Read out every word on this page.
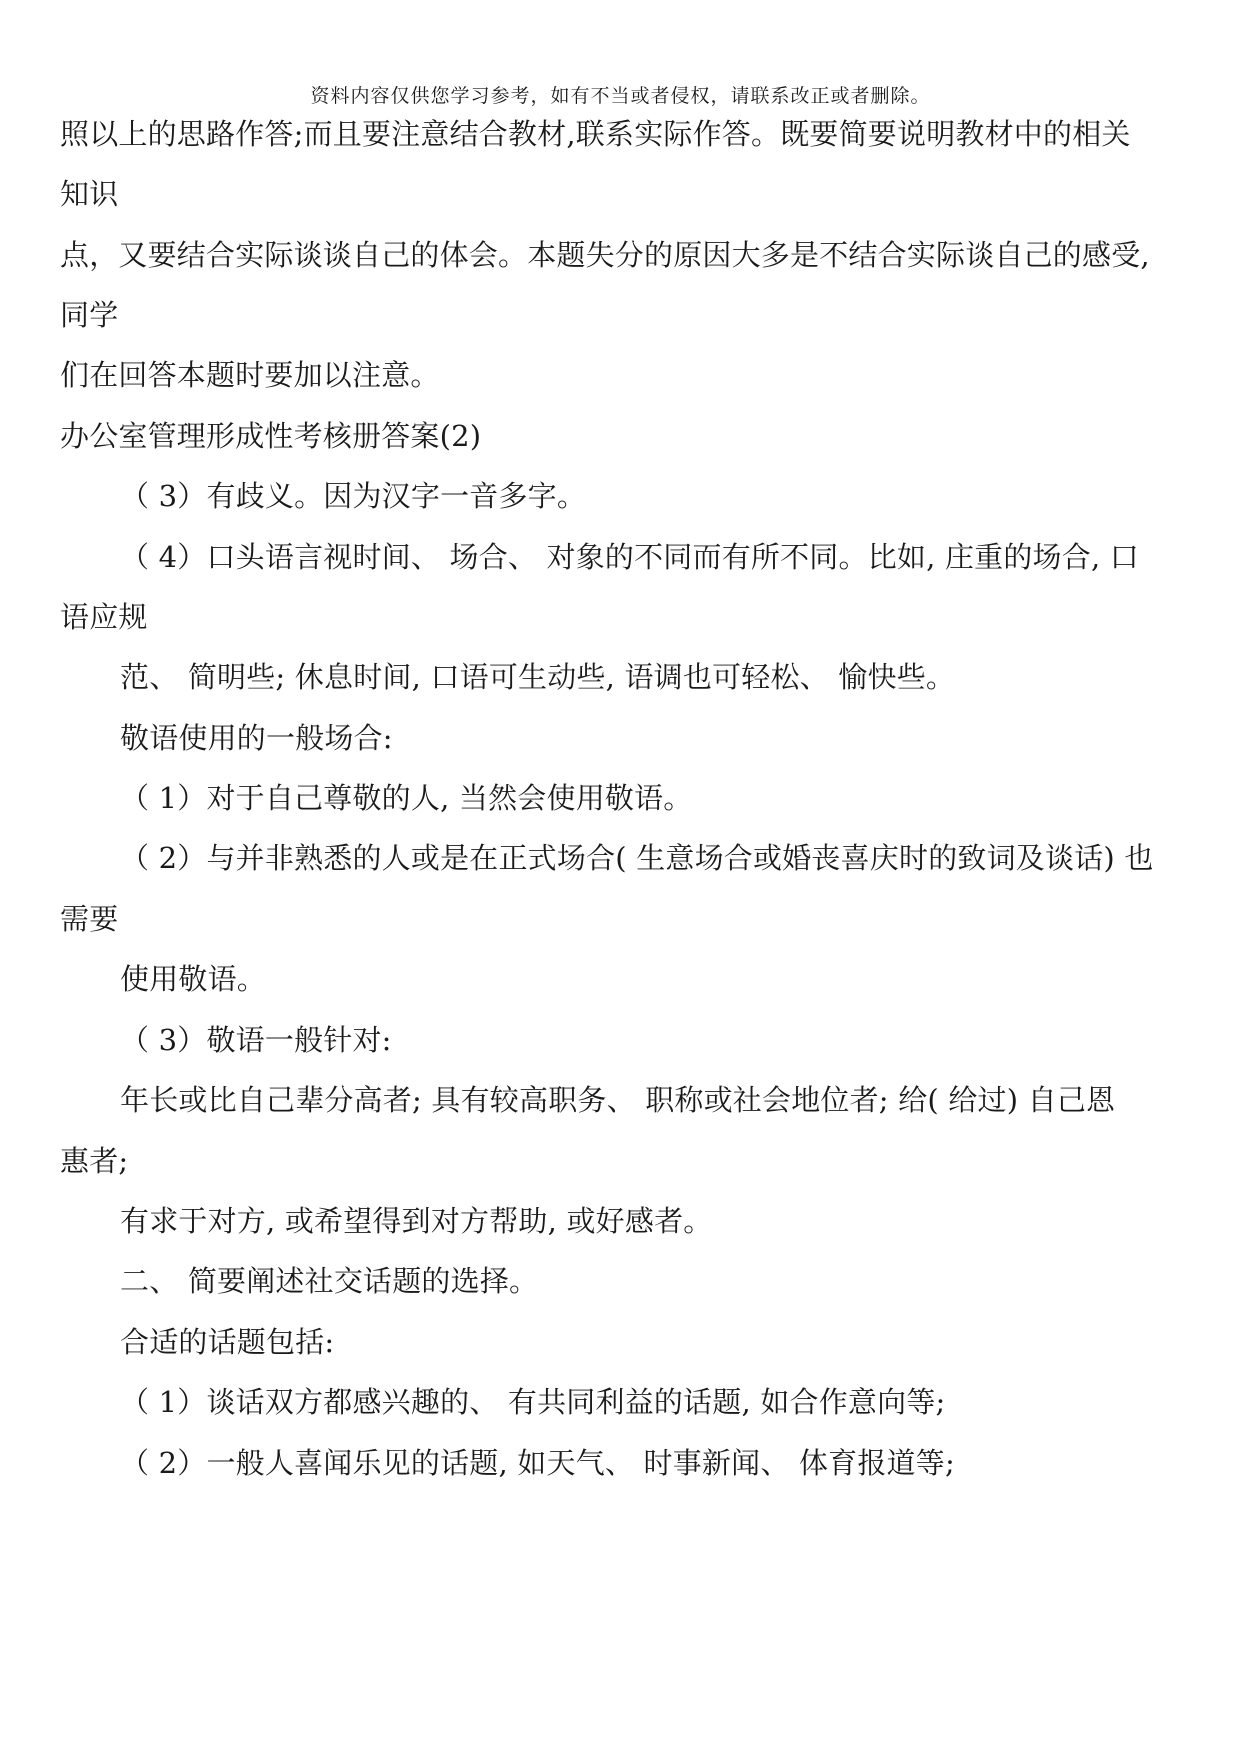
资料内容仅供您学习参考，如有不当或者侵权，请联系改正或者删除。
照以上的思路作答;而且要注意结合教材,联系实际作答。既要简要说明教材中的相关
知识
点，又要结合实际谈谈自己的体会。本题失分的原因大多是不结合实际谈自己的感受,
同学
们在回答本题时要加以注意。
办公室管理形成性考核册答案(2)
（ 3）有歧义。因为汉字一音多字。
（ 4）口头语言视时间、 场合、 对象的不同而有所不同。比如, 庄重的场合, 口
语应规
范、 简明些; 休息时间, 口语可生动些, 语调也可轻松、 愉快些。
敬语使用的一般场合:
（ 1）对于自己尊敬的人, 当然会使用敬语。
（ 2）与并非熟悉的人或是在正式场合( 生意场合或婚丧喜庆时的致词及谈话) 也
需要
使用敬语。
（ 3）敬语一般针对:
年长或比自己辈分高者; 具有较高职务、 职称或社会地位者; 给( 给过) 自己恩
惠者;
有求于对方, 或希望得到对方帮助, 或好感者。
二、 简要阐述社交话题的选择。
合适的话题包括:
（ 1）谈话双方都感兴趣的、 有共同利益的话题, 如合作意向等;
（ 2）一般人喜闻乐见的话题, 如天气、 时事新闻、 体育报道等;
